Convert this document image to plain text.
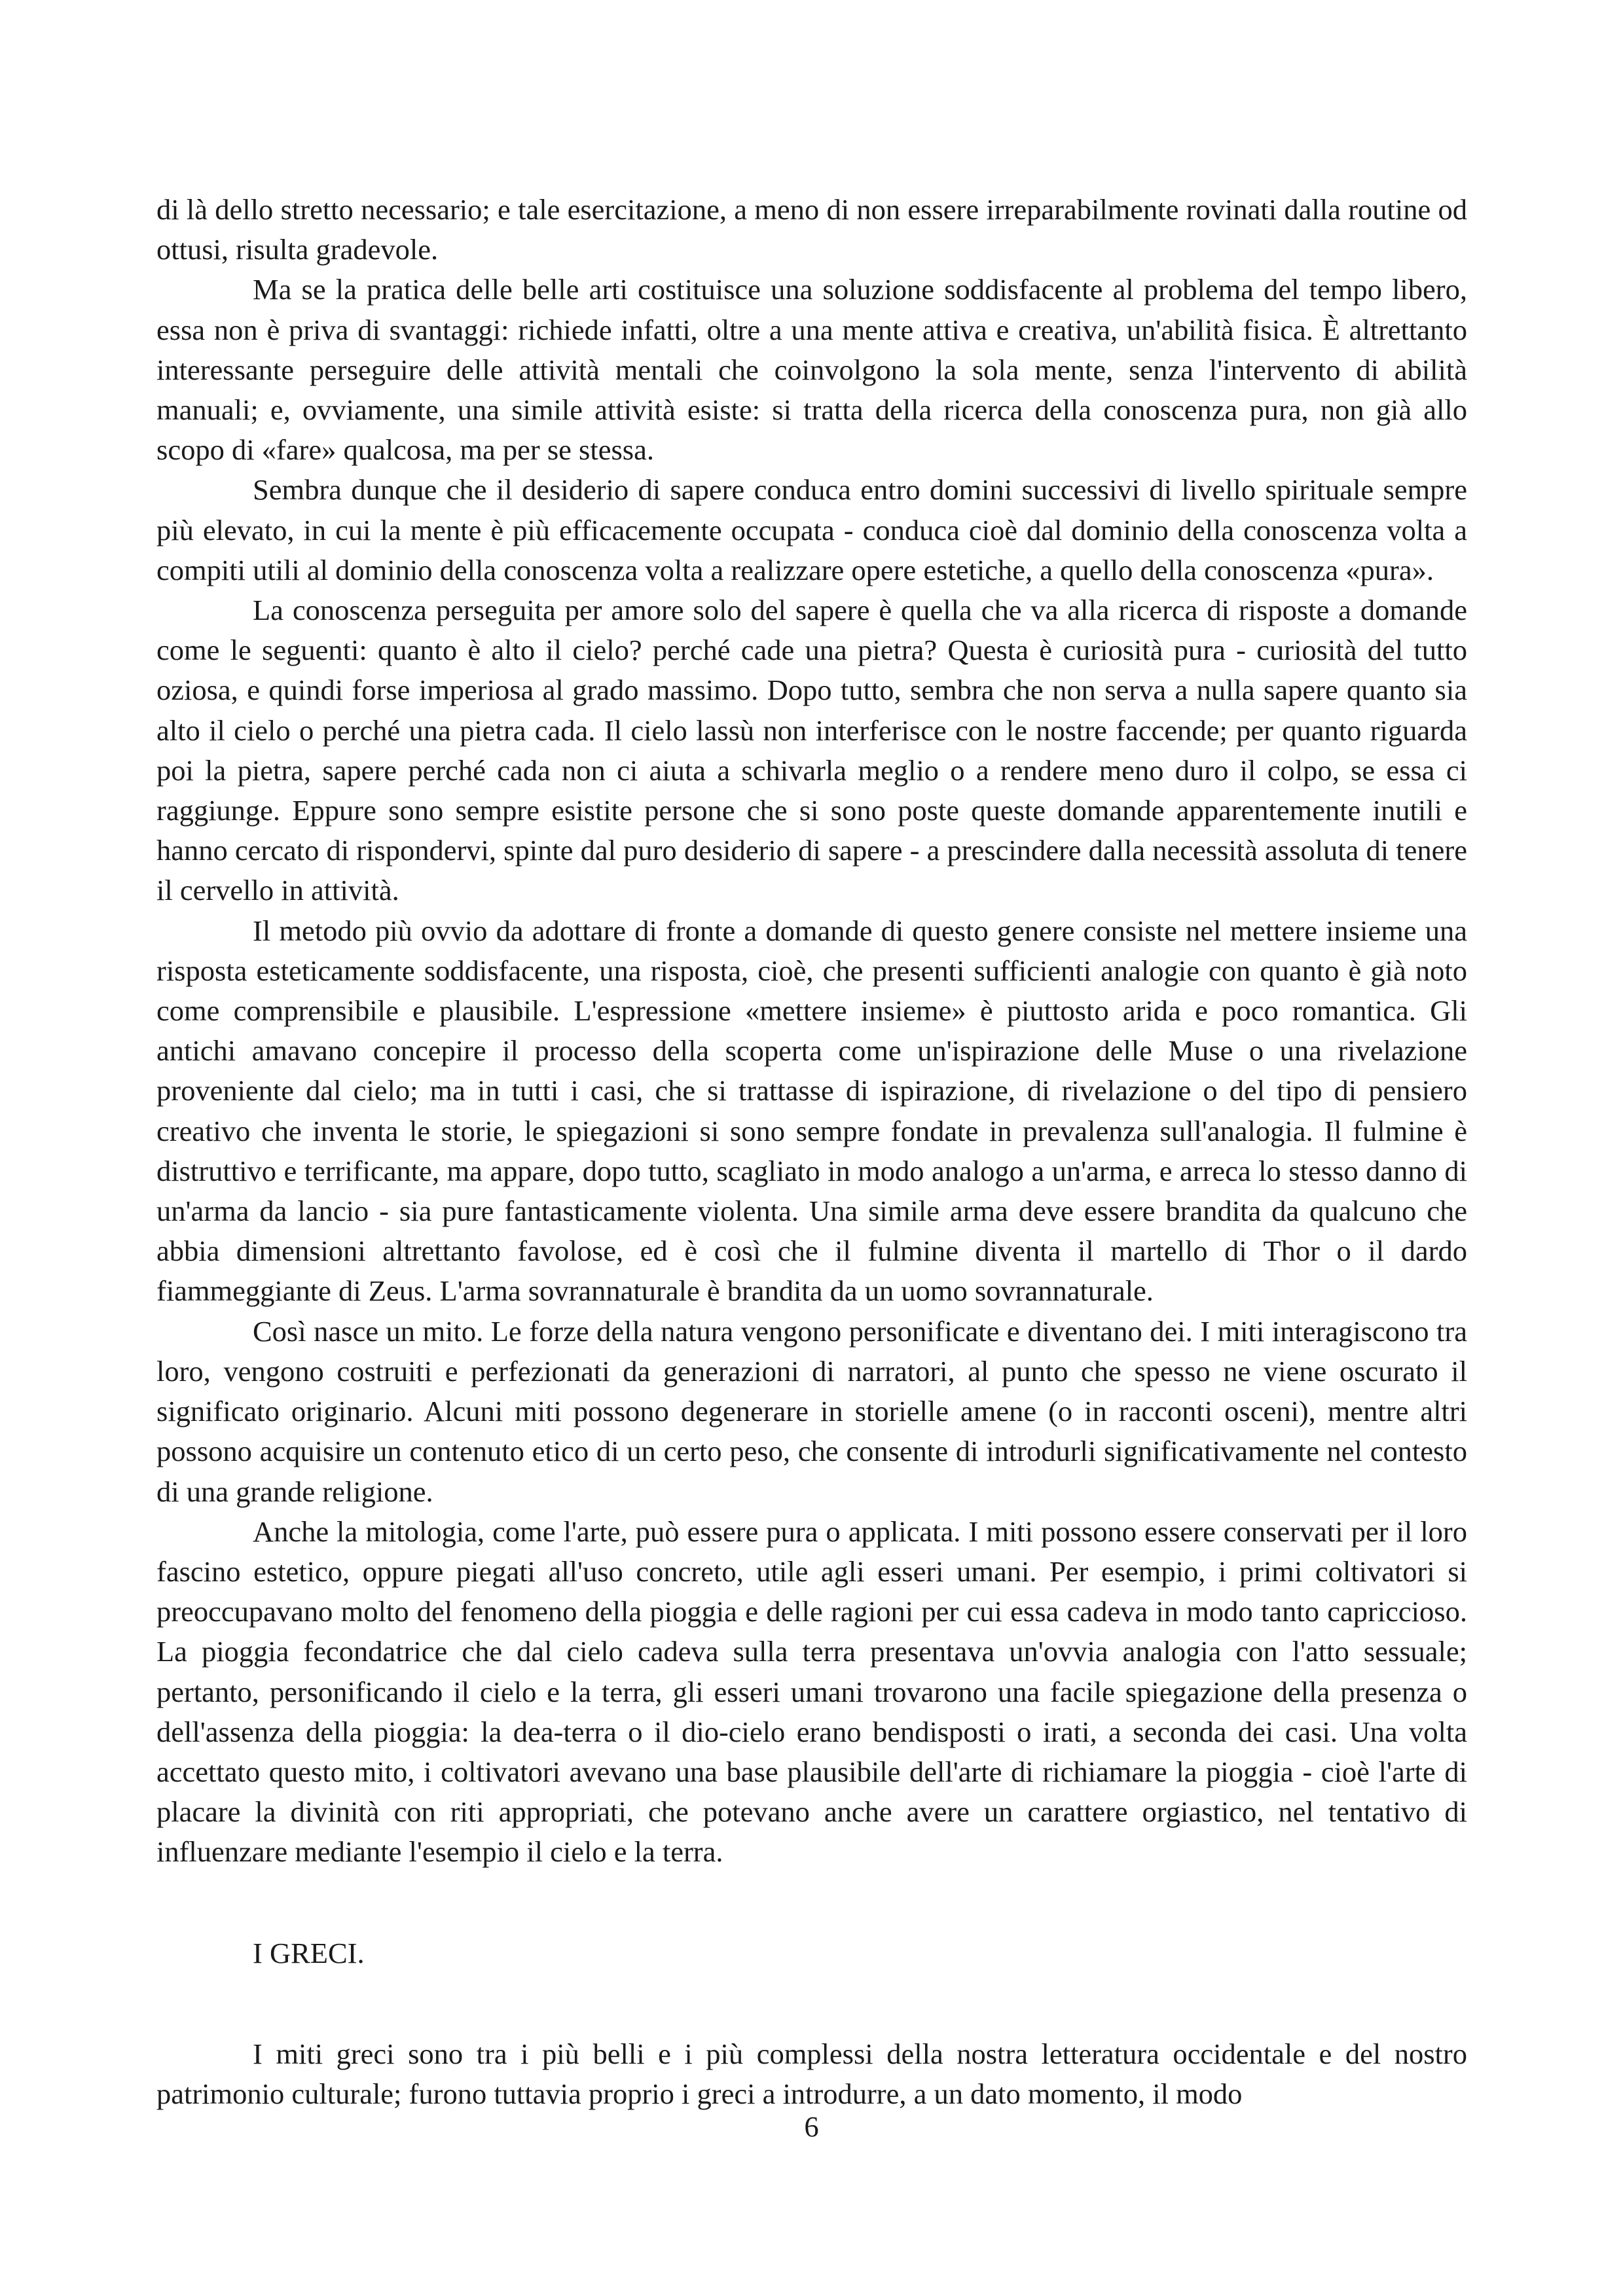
di là dello stretto necessario; e tale esercitazione, a meno di non essere irreparabilmente rovinati dalla routine od ottusi, risulta gradevole.

Ma se la pratica delle belle arti costituisce una soluzione soddisfacente al problema del tempo libero, essa non è priva di svantaggi: richiede infatti, oltre a una mente attiva e creativa, un'abilità fisica. È altrettanto interessante perseguire delle attività mentali che coinvolgono la sola mente, senza l'intervento di abilità manuali; e, ovviamente, una simile attività esiste: si tratta della ricerca della conoscenza pura, non già allo scopo di «fare» qualcosa, ma per se stessa.

Sembra dunque che il desiderio di sapere conduca entro domini successivi di livello spirituale sempre più elevato, in cui la mente è più efficacemente occupata - conduca cioè dal dominio della conoscenza volta a compiti utili al dominio della conoscenza volta a realizzare opere estetiche, a quello della conoscenza «pura».

La conoscenza perseguita per amore solo del sapere è quella che va alla ricerca di risposte a domande come le seguenti: quanto è alto il cielo? perché cade una pietra? Questa è curiosità pura - curiosità del tutto oziosa, e quindi forse imperiosa al grado massimo. Dopo tutto, sembra che non serva a nulla sapere quanto sia alto il cielo o perché una pietra cada. Il cielo lassù non interferisce con le nostre faccende; per quanto riguarda poi la pietra, sapere perché cada non ci aiuta a schivarla meglio o a rendere meno duro il colpo, se essa ci raggiunge. Eppure sono sempre esistite persone che si sono poste queste domande apparentemente inutili e hanno cercato di rispondervi, spinte dal puro desiderio di sapere - a prescindere dalla necessità assoluta di tenere il cervello in attività.

Il metodo più ovvio da adottare di fronte a domande di questo genere consiste nel mettere insieme una risposta esteticamente soddisfacente, una risposta, cioè, che presenti sufficienti analogie con quanto è già noto come comprensibile e plausibile. L'espressione «mettere insieme» è piuttosto arida e poco romantica. Gli antichi amavano concepire il processo della scoperta come un'ispirazione delle Muse o una rivelazione proveniente dal cielo; ma in tutti i casi, che si trattasse di ispirazione, di rivelazione o del tipo di pensiero creativo che inventa le storie, le spiegazioni si sono sempre fondate in prevalenza sull'analogia. Il fulmine è distruttivo e terrificante, ma appare, dopo tutto, scagliato in modo analogo a un'arma, e arreca lo stesso danno di un'arma da lancio - sia pure fantasticamente violenta. Una simile arma deve essere brandita da qualcuno che abbia dimensioni altrettanto favolose, ed è così che il fulmine diventa il martello di Thor o il dardo fiammeggiante di Zeus. L'arma sovrannaturale è brandita da un uomo sovrannaturale.

Così nasce un mito. Le forze della natura vengono personificate e diventano dei. I miti interagiscono tra loro, vengono costruiti e perfezionati da generazioni di narratori, al punto che spesso ne viene oscurato il significato originario. Alcuni miti possono degenerare in storielle amene (o in racconti osceni), mentre altri possono acquisire un contenuto etico di un certo peso, che consente di introdurli significativamente nel contesto di una grande religione.

Anche la mitologia, come l'arte, può essere pura o applicata. I miti possono essere conservati per il loro fascino estetico, oppure piegati all'uso concreto, utile agli esseri umani. Per esempio, i primi coltivatori si preoccupavano molto del fenomeno della pioggia e delle ragioni per cui essa cadeva in modo tanto capriccioso. La pioggia fecondatrice che dal cielo cadeva sulla terra presentava un'ovvia analogia con l'atto sessuale; pertanto, personificando il cielo e la terra, gli esseri umani trovarono una facile spiegazione della presenza o dell'assenza della pioggia: la dea-terra o il dio-cielo erano bendisposti o irati, a seconda dei casi. Una volta accettato questo mito, i coltivatori avevano una base plausibile dell'arte di richiamare la pioggia - cioè l'arte di placare la divinità con riti appropriati, che potevano anche avere un carattere orgiastico, nel tentativo di influenzare mediante l'esempio il cielo e la terra.

I GRECI.

I miti greci sono tra i più belli e i più complessi della nostra letteratura occidentale e del nostro patrimonio culturale; furono tuttavia proprio i greci a introdurre, a un dato momento, il modo

6
